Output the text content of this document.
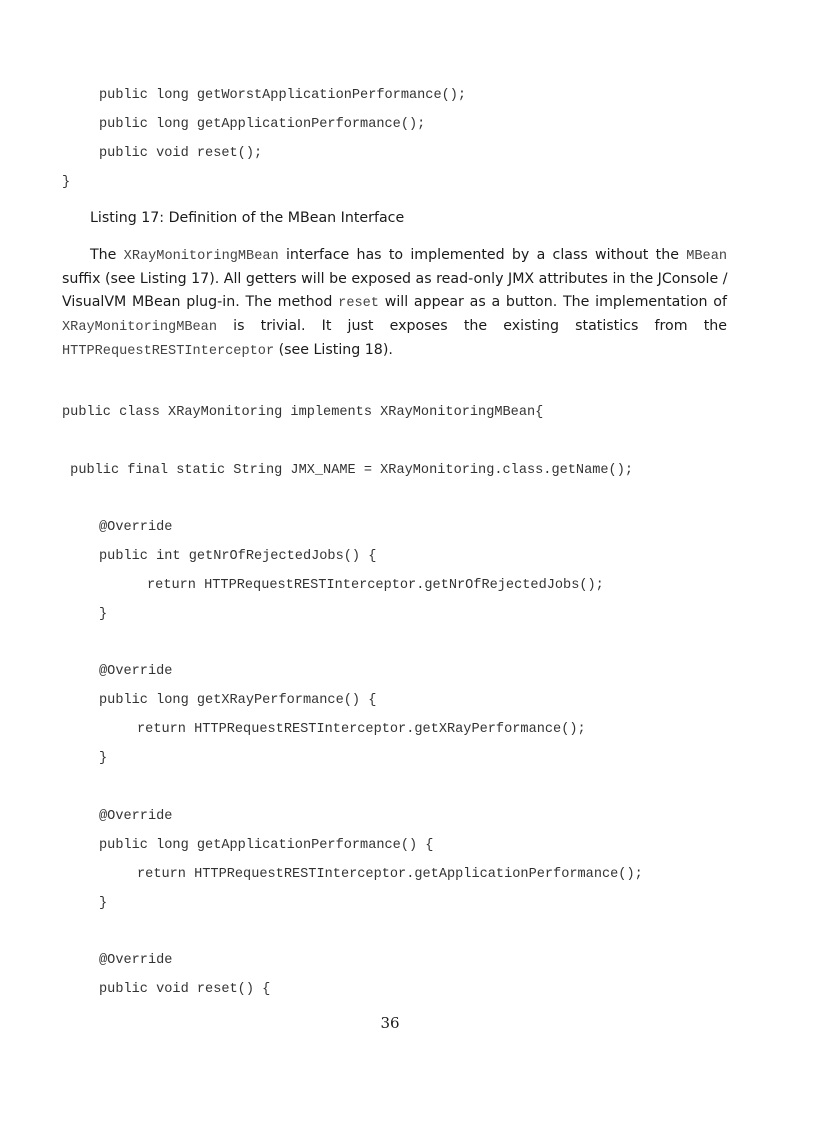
public long getWorstApplicationPerformance();
public long getApplicationPerformance();
public void reset();
}
Listing 17: Definition of the MBean Interface
The XRayMonitoringMBean interface has to implemented by a class without the MBean
suffix (see Listing 17). All getters will be exposed as read-only JMX attributes in the JConsole /
VisualVM MBean plug-in. The method reset will appear as a button. The implementation of
XRayMonitoringMBean is trivial. It just exposes the existing statistics from the
HTTPRequestRESTInterceptor (see Listing 18).
public class XRayMonitoring implements XRayMonitoringMBean{
public final static String JMX_NAME = XRayMonitoring.class.getName();
@Override
public int getNrOfRejectedJobs() {
return HTTPRequestRESTInterceptor.getNrOfRejectedJobs();
}
@Override
public long getXRayPerformance() {
return HTTPRequestRESTInterceptor.getXRayPerformance();
}
@Override
public long getApplicationPerformance() {
return HTTPRequestRESTInterceptor.getApplicationPerformance();
}
@Override
public void reset() {
36
